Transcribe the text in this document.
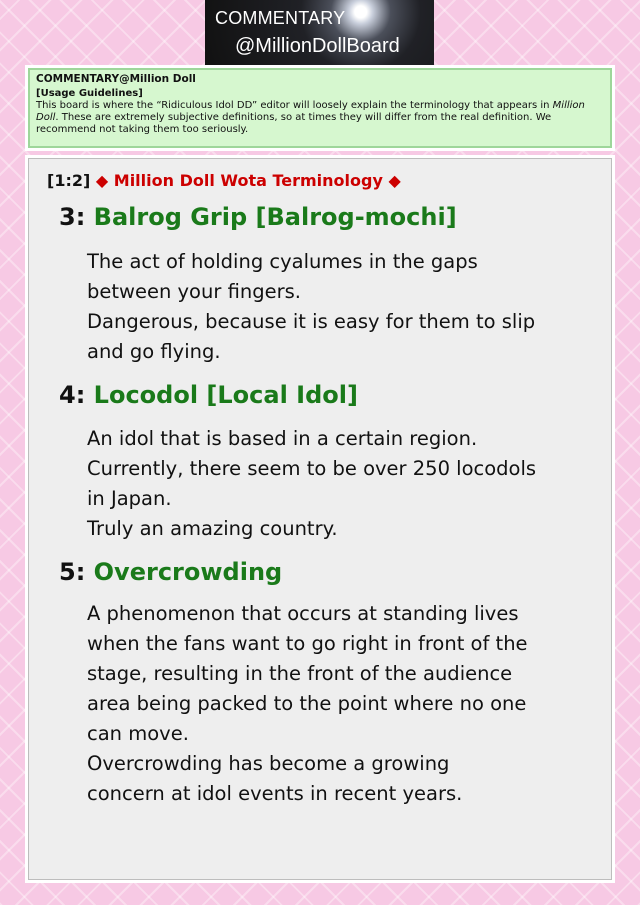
COMMENTARY
@MillionDollBoard
COMMENTARY@Million Doll
[Usage Guidelines]
This board is where the “Ridiculous Idol DD” editor will loosely explain the terminology that appears in Million Doll. These are extremely subjective definitions, so at times they will differ from the real definition. We recommend not taking them too seriously.
[1:2] ◆ Million Doll Wota Terminology ◆
3: Balrog Grip [Balrog-mochi]

The act of holding cyalumes in the gaps

between your fingers.

Dangerous, because it is easy for them to slip

and go flying.

4: Locodol [Local Idol]

An idol that is based in a certain region.

Currently, there seem to be over 250 locodols

in Japan.

Truly an amazing country.

5: Overcrowding

A phenomenon that occurs at standing lives

when the fans want to go right in front of the

stage, resulting in the front of the audience

area being packed to the point where no one

can move.

Overcrowding has become a growing

concern at idol events in recent years.
